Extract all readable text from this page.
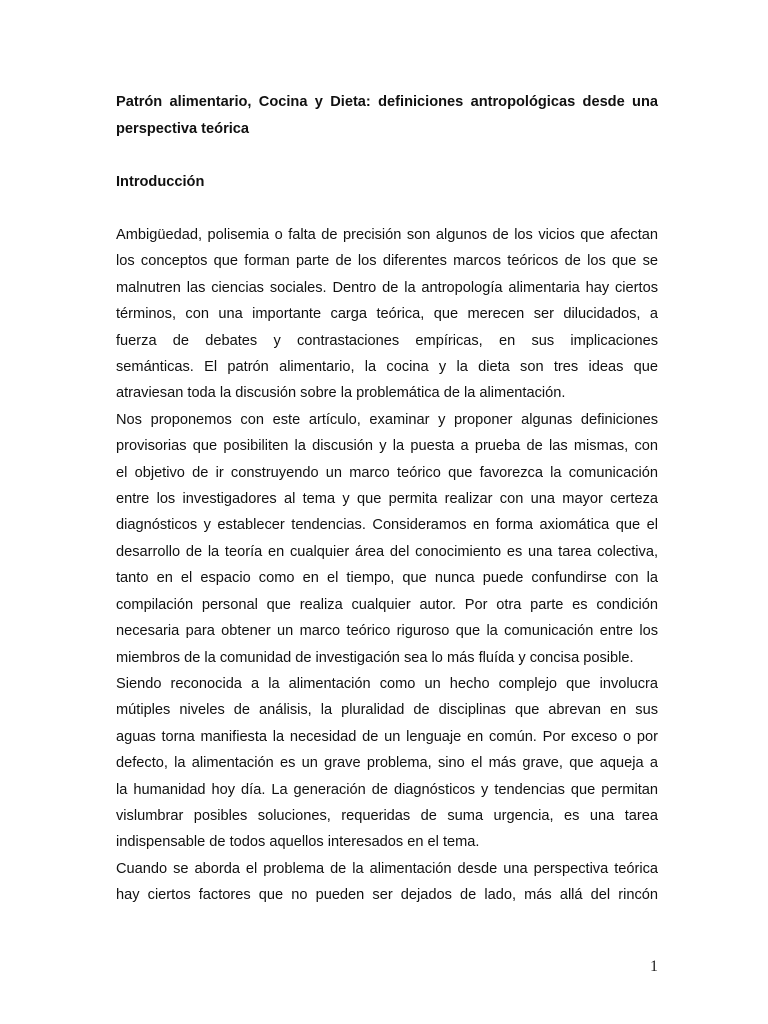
Patrón alimentario, Cocina y Dieta: definiciones antropológicas desde una perspectiva teórica
Introducción

Ambigüedad, polisemia o falta de precisión son algunos de los vicios que afectan
los conceptos que forman parte de los diferentes marcos teóricos de los que se
malnutren las ciencias sociales. Dentro de la antropología alimentaria hay ciertos
términos, con una importante carga teórica, que merecen ser dilucidados, a
fuerza de debates y contrastaciones empíricas, en sus implicaciones
semánticas. El patrón alimentario, la cocina y la dieta son tres ideas que
atraviesan toda la discusión sobre la problemática de la alimentación.

Nos proponemos con este artículo, examinar y proponer algunas definiciones
provisorias que posibiliten la discusión y la puesta a prueba de las mismas, con
el objetivo de ir construyendo un marco teórico que favorezca la comunicación
entre los investigadores al tema y que permita realizar con una mayor certeza
diagnósticos y establecer tendencias. Consideramos en forma axiomática que el
desarrollo de la teoría en cualquier área del conocimiento es una tarea colectiva,
tanto en el espacio como en el tiempo, que nunca puede confundirse con la
compilación personal que realiza cualquier autor. Por otra parte es condición
necesaria para obtener un marco teórico riguroso que la comunicación entre los
miembros de la comunidad de investigación sea lo más fluída y concisa posible.

Siendo reconocida a la alimentación como un hecho complejo que involucra
mútiples niveles de análisis, la pluralidad de disciplinas que abrevan en sus
aguas torna manifiesta la necesidad de un lenguaje en común. Por exceso o por
defecto, la alimentación es un grave problema, sino el más grave, que aqueja a
la humanidad hoy día. La generación de diagnósticos y tendencias que permitan
vislumbrar posibles soluciones, requeridas de suma urgencia, es una tarea
indispensable de todos aquellos interesados en el tema.

Cuando se aborda el problema de la alimentación desde una perspectiva teórica
hay ciertos factores que no pueden ser dejados de lado, más allá del rincón

1
